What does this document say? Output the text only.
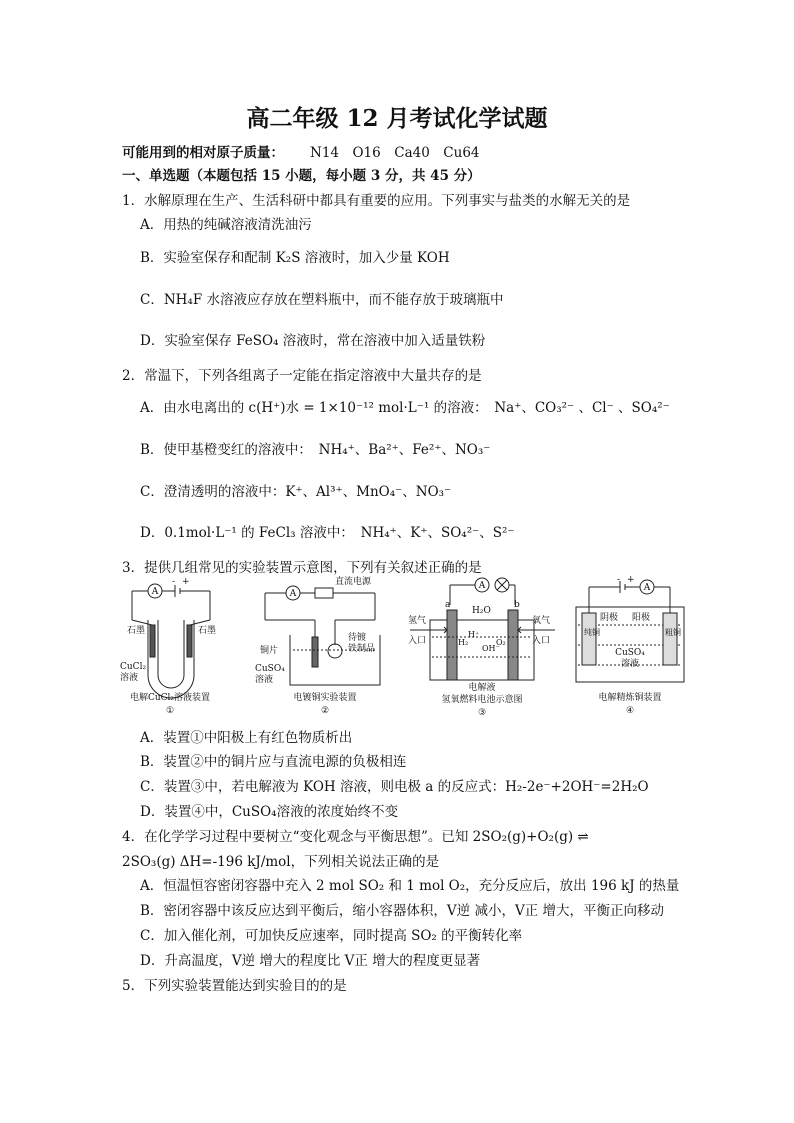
高二年级 12 月考试化学试题
可能用到的相对原子质量： N14　O16　Ca40　Cu64
一、单选题（本题包括 15 小题，每小题 3 分，共 45 分）
1．水解原理在生产、生活科研中都具有重要的应用。下列事实与盐类的水解无关的是
A．用热的纯碱溶液清洗油污
B．实验室保存和配制 K₂S 溶液时，加入少量 KOH
C．NH₄F 水溶液应存放在塑料瓶中，而不能存放于玻璃瓶中
D．实验室保存 FeSO₄ 溶液时，常在溶液中加入适量铁粉
2．常温下，下列各组离子一定能在指定溶液中大量共存的是
A．由水电离出的 c(H⁺)水 = 1×10⁻¹² mol·L⁻¹ 的溶液：　Na⁺、CO₃²⁻ 、Cl⁻ 、SO₄²⁻
B．使甲基橙变红的溶液中：　NH₄⁺、Ba²⁺、Fe²⁺、NO₃⁻
C．澄清透明的溶液中：K⁺、Al³⁺、MnO₄⁻、NO₃⁻
D．0.1mol·L⁻¹ 的 FeCl₃ 溶液中：　NH₄⁺、K⁺、SO₄²⁻、S²⁻
3．提供几组常见的实验装置示意图，下列有关叙述正确的是
A
- +
石墨	石墨
CuCl₂
溶液
电解CuCl₂溶液装置
①
A
直流电源
铜片
待镀
铁制品
CuSO₄
溶液
电镀铜实验装置
②
A
a	b
H₂O
氢气
入口
氧气
入口
H₂	O₂
H⁺
OH⁻
电解液
氢氧燃料电池示意图
③
A
- +
阴极 阳极
纯铜	粗铜
CuSO₄
溶液
电解精炼铜装置
④
A．装置①中阳极上有红色物质析出
B．装置②中的铜片应与直流电源的负极相连
C．装置③中，若电解液为 KOH 溶液，则电极 a 的反应式：H₂-2e⁻+2OH⁻=2H₂O
D．装置④中，CuSO₄溶液的浓度始终不变
4．在化学学习过程中要树立“变化观念与平衡思想”。已知 2SO₂(g)+O₂(g) ⇌
2SO₃(g) ΔH=-196 kJ/mol，下列相关说法正确的是
A．恒温恒容密闭容器中充入 2 mol SO₂ 和 1 mol O₂，充分反应后，放出 196 kJ 的热量
B．密闭容器中该反应达到平衡后，缩小容器体积，V逆 减小，V正 增大，平衡正向移动
C．加入催化剂，可加快反应速率，同时提高 SO₂ 的平衡转化率
D．升高温度，V逆 增大的程度比 V正 增大的程度更显著
5．下列实验装置能达到实验目的的是
